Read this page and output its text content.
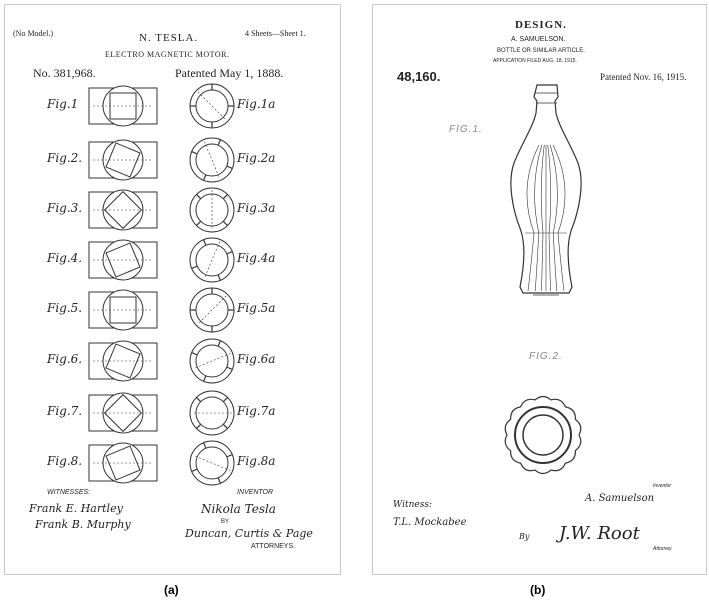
(No Model.)	N. TESLA.	4 Sheets—Sheet 1.
ELECTRO MAGNETIC MOTOR.
No. 381,968.	Patented May 1, 1888.
Fig.1	Fig.1a
Fig.2.	Fig.2a
Fig.3.	Fig.3a
Fig.4.	Fig.4a
Fig.5.	Fig.5a
Fig.6.	Fig.6a
Fig.7.	Fig.7a
Fig.8.	Fig.8a
WITNESSES:
Frank E. Hartley
Frank B. Murphy
INVENTOR
Nikola Tesla
BY
Duncan, Curtis & Page
ATTORNEYS.
DESIGN.
A. SAMUELSON.
BOTTLE OR SIMILAR ARTICLE.
APPLICATION FILED AUG. 18, 1915.
48,160.	Patented Nov. 16, 1915.
FIG.1.
FIG.2.
Inventor
A. Samuelson
Witness:
T.L. Mockabee
By J.W. Root
Attorney
(a)	(b)
